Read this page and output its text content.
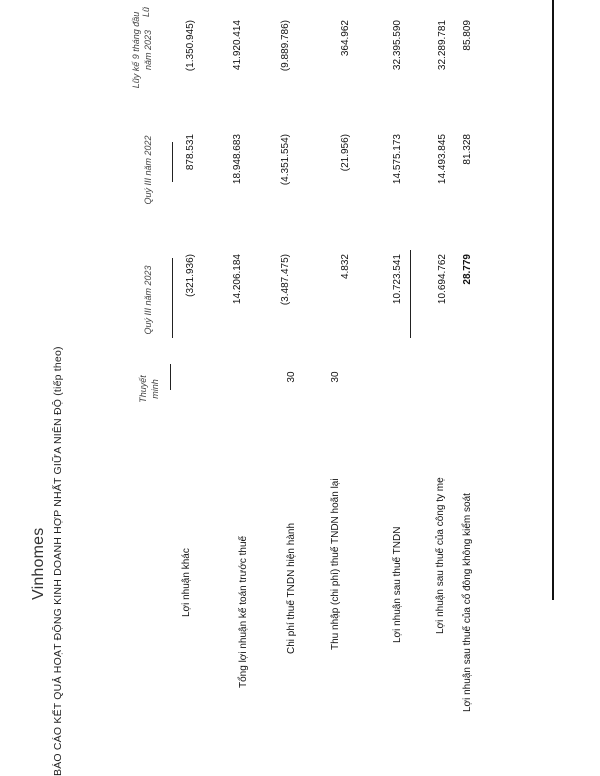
Vinhomes BÁO CÁO KẾT QUẢ HOẠT ĐỘNG KINH DOANH HỢP NHẤT GIỮA NIÊN ĐỘ (tiếp theo)	Thuyết minh
Quý III năm 2023
Quý III năm 2022
Lũy kế 9 tháng đầu năm 2023
Lũ
Lợi nhuận khác
(321.936)
878.531
(1.350.945)
Tổng lợi nhuận kế toán trước thuế
14.206.184
18.948.683
41.920.414
Chi phí thuế TNDN hiện hành
30
(3.487.475)
(4.351.554)
(9.889.786)
Thu nhập (chi phí) thuế TNDN hoãn lại
30
4.832
(21.956)
364.962
Lợi nhuận sau thuế TNDN
10.723.541
14.575.173
32.395.590
Lợi nhuận sau thuế của công ty mẹ
10.694.762
14.493.845
32.289.781
Lợi nhuận sau thuế của cổ đông không kiểm soát
28.779
81.328
85.809
